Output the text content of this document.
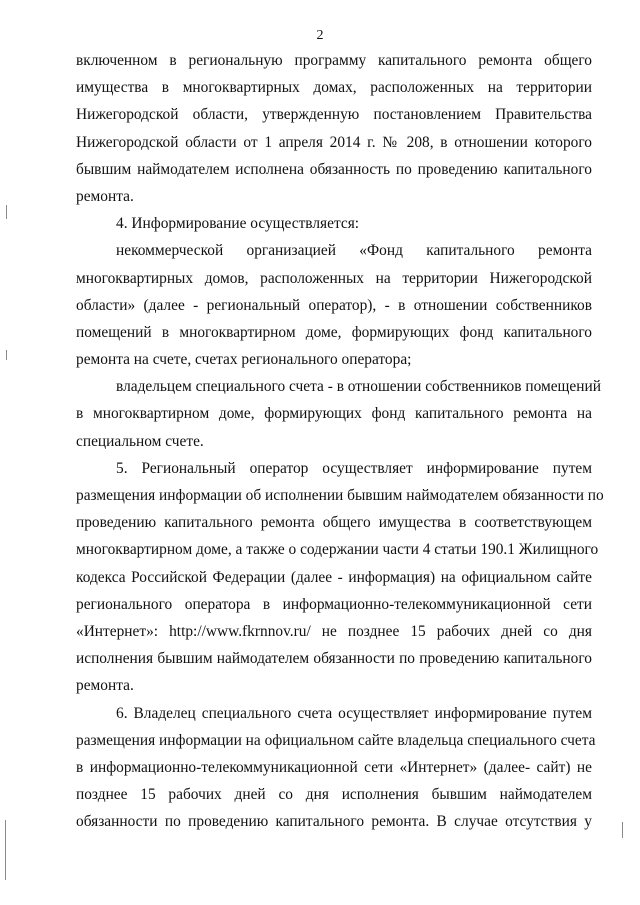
2
включенном в региональную программу капитального ремонта общего
имущества в многоквартирных домах, расположенных на территории
Нижегородской области, утвержденную постановлением Правительства
Нижегородской области от 1 апреля 2014 г. № 208, в отношении которого
бывшим наймодателем исполнена обязанность по проведению капитального
ремонта.
4. Информирование осуществляется:
некоммерческой организацией «Фонд капитального ремонта
многоквартирных домов, расположенных на территории Нижегородской
области» (далее - региональный оператор), - в отношении собственников
помещений в многоквартирном доме, формирующих фонд капитального
ремонта на счете, счетах регионального оператора;
владельцем специального счета - в отношении собственников помещений
в многоквартирном доме, формирующих фонд капитального ремонта на
специальном счете.
5. Региональный оператор осуществляет информирование путем
размещения информации об исполнении бывшим наймодателем обязанности по
проведению капитального ремонта общего имущества в соответствующем
многоквартирном доме, а также о содержании части 4 статьи 190.1 Жилищного
кодекса Российской Федерации (далее - информация) на официальном сайте
регионального оператора в информационно-телекоммуникационной сети
«Интернет»: http://www.fkrnnov.ru/ не позднее 15 рабочих дней со дня
исполнения бывшим наймодателем обязанности по проведению капитального
ремонта.
6. Владелец специального счета осуществляет информирование путем
размещения информации на официальном сайте владельца специального счета
в информационно-телекоммуникационной сети «Интернет» (далее- сайт) не
позднее 15 рабочих дней со дня исполнения бывшим наймодателем
обязанности по проведению капитального ремонта. В случае отсутствия у
